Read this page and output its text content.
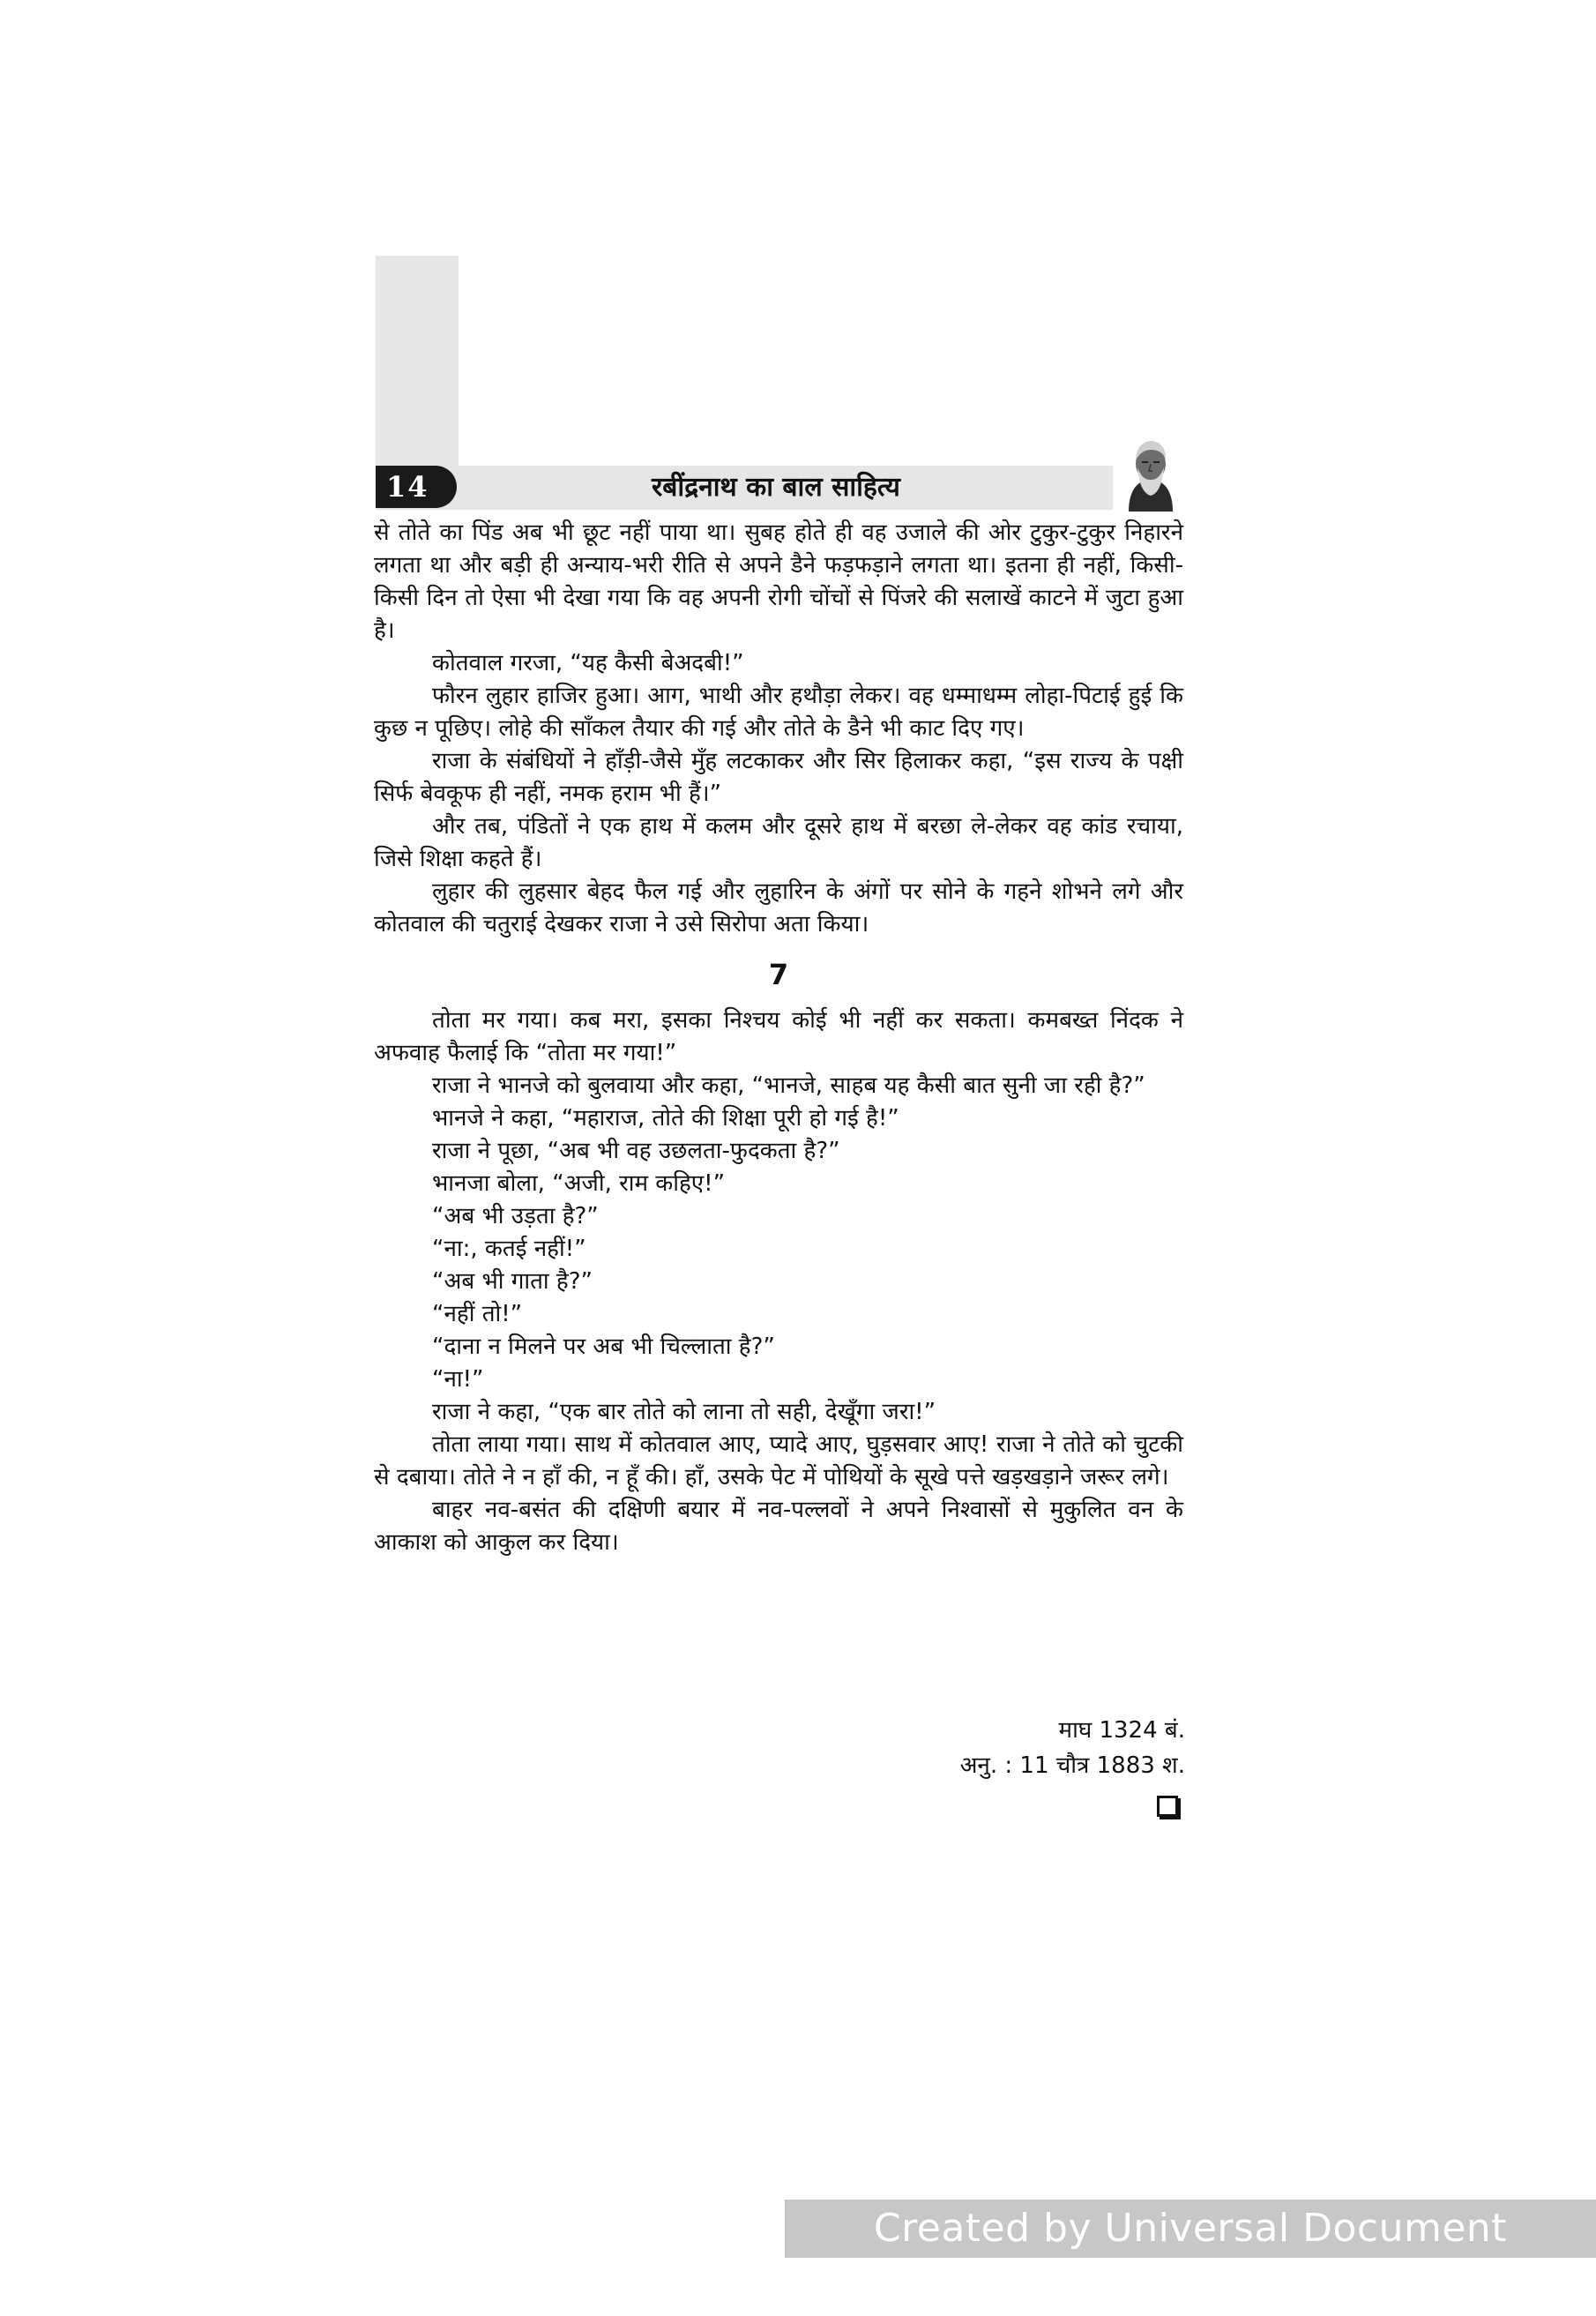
14	रबींद्रनाथ का बाल साहित्य

से तोते का पिंड अब भी छूट नहीं पाया था। सुबह होते ही वह उजाले की ओर टुकुर-टुकुर निहारने लगता था और बड़ी ही अन्याय-भरी रीति से अपने डैने फड़फड़ाने लगता था। इतना ही नहीं, किसी-किसी दिन तो ऐसा भी देखा गया कि वह अपनी रोगी चोंचों से पिंजरे की सलाखें काटने में जुटा हुआ है।

कोतवाल गरजा, “यह कैसी बेअदबी!”

फौरन लुहार हाजिर हुआ। आग, भाथी और हथौड़ा लेकर। वह धम्माधम्म लोहा-पिटाई हुई कि कुछ न पूछिए। लोहे की साँकल तैयार की गई और तोते के डैने भी काट दिए गए।

राजा के संबंधियों ने हाँड़ी-जैसे मुँह लटकाकर और सिर हिलाकर कहा, “इस राज्य के पक्षी सिर्फ बेवकूफ ही नहीं, नमक हराम भी हैं।”

और तब, पंडितों ने एक हाथ में कलम और दूसरे हाथ में बरछा ले-लेकर वह कांड रचाया, जिसे शिक्षा कहते हैं।

लुहार की लुहसार बेहद फैल गई और लुहारिन के अंगों पर सोने के गहने शोभने लगे और कोतवाल की चतुराई देखकर राजा ने उसे सिरोपा अता किया।

7

तोता मर गया। कब मरा, इसका निश्चय कोई भी नहीं कर सकता। कमबख्त निंदक ने अफवाह फैलाई कि “तोता मर गया!”

राजा ने भानजे को बुलवाया और कहा, “भानजे, साहब यह कैसी बात सुनी जा रही है?”

भानजे ने कहा, “महाराज, तोते की शिक्षा पूरी हो गई है!”

राजा ने पूछा, “अब भी वह उछलता-फुदकता है?”

भानजा बोला, “अजी, राम कहिए!”

“अब भी उड़ता है?”

“ना:, कतई नहीं!”

“अब भी गाता है?”

“नहीं तो!”

“दाना न मिलने पर अब भी चिल्लाता है?”

“ना!”

राजा ने कहा, “एक बार तोते को लाना तो सही, देखूँगा जरा!”

तोता लाया गया। साथ में कोतवाल आए, प्यादे आए, घुड़सवार आए! राजा ने तोते को चुटकी से दबाया। तोते ने न हाँ की, न हूँ की। हाँ, उसके पेट में पोथियों के सूखे पत्ते खड़खड़ाने जरूर लगे।

बाहर नव-बसंत की दक्षिणी बयार में नव-पल्लवों ने अपने निश्वासों से मुकुलित वन के आकाश को आकुल कर दिया।

माघ 1324 बं.
अनु. : 11 चौत्र 1883 श.
Created by Universal Document Converter
